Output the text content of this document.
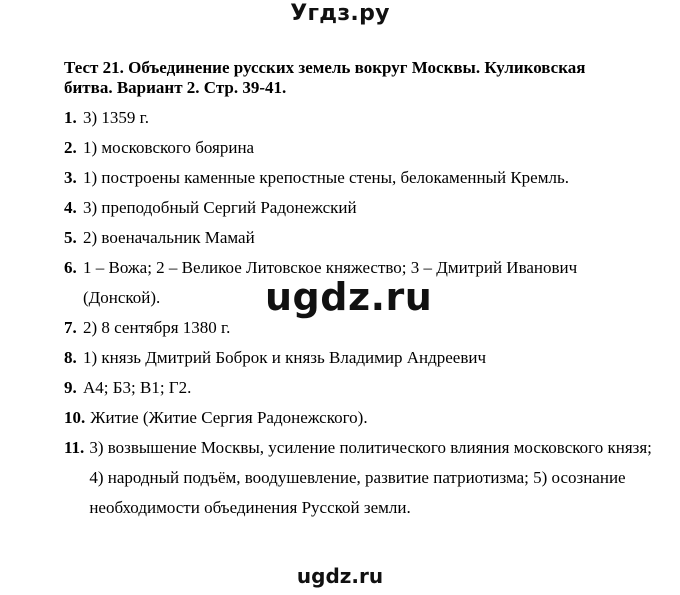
Угдз.ру

Тест 21. Объединение русских земель вокруг Москвы. Куликовская
битва. Вариант 2. Стр. 39-41.

1. 3) 1359 г.
2. 1) московского боярина
3. 1) построены каменные крепостные стены, белокаменный Кремль.
4. 3) преподобный Сергий Радонежский
5. 2) военачальник Мамай
6. 1 – Вожа; 2 – Великое Литовское княжество; 3 – Дмитрий Иванович (Донской).
7. 2) 8 сентября 1380 г.
8. 1) князь Дмитрий Боброк и князь Владимир Андреевич
9. А4; Б3; В1; Г2.
10. Житие (Житие Сергия Радонежского).
11. 3) возвышение Москвы, усиление политического влияния московского князя; 4) народный подъём, воодушевление, развитие патриотизма; 5) осознание необходимости объединения Русской земли.
ugdz.ru
ugdz.ru
